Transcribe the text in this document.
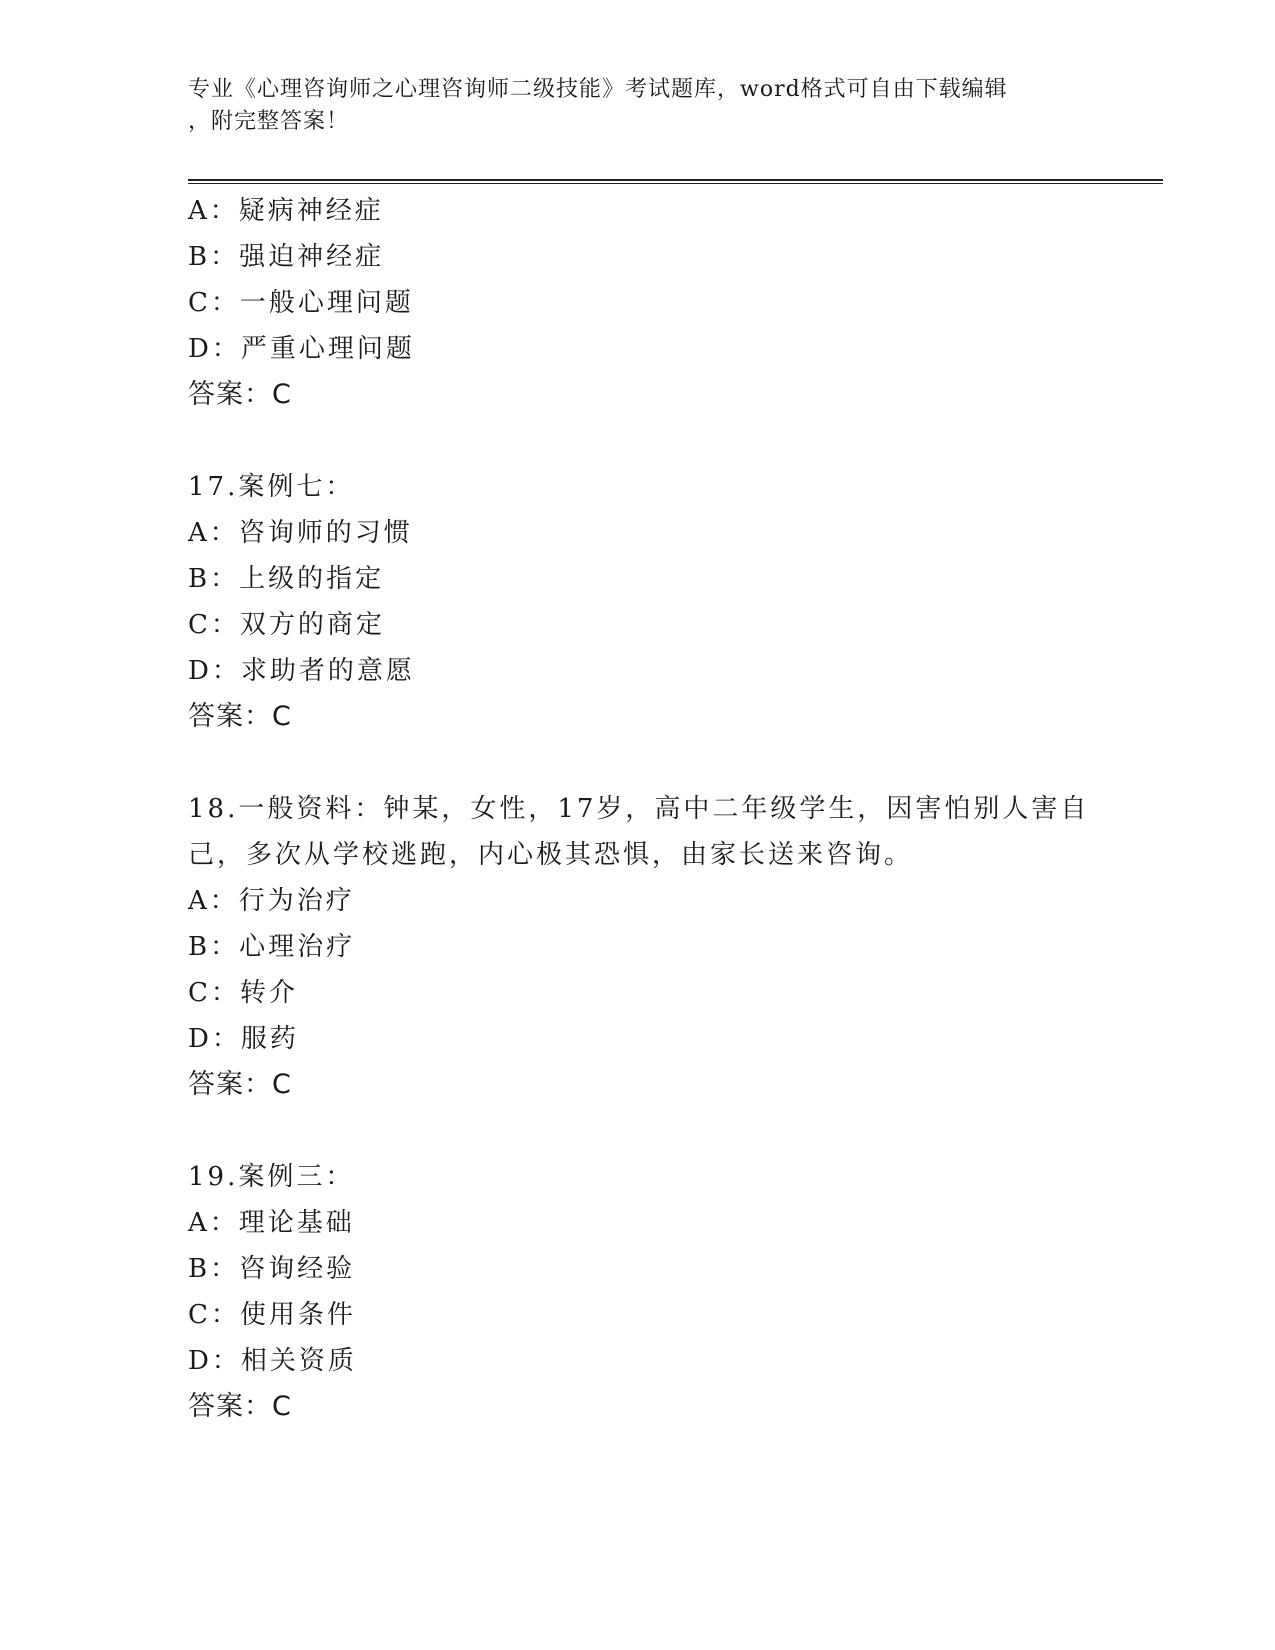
专业《心理咨询师之心理咨询师二级技能》考试题库，word格式可自由下载编辑
，附完整答案！
A：疑病神经症
B：强迫神经症
C：一般心理问题
D：严重心理问题
答案：C
17.案例七：
A：咨询师的习惯
B：上级的指定
C：双方的商定
D：求助者的意愿
答案：C
18.一般资料：钟某，女性，17岁，高中二年级学生，因害怕别人害自
己，多次从学校逃跑，内心极其恐惧，由家长送来咨询。
A：行为治疗
B：心理治疗
C：转介
D：服药
答案：C
19.案例三：
A：理论基础
B：咨询经验
C：使用条件
D：相关资质
答案：C
